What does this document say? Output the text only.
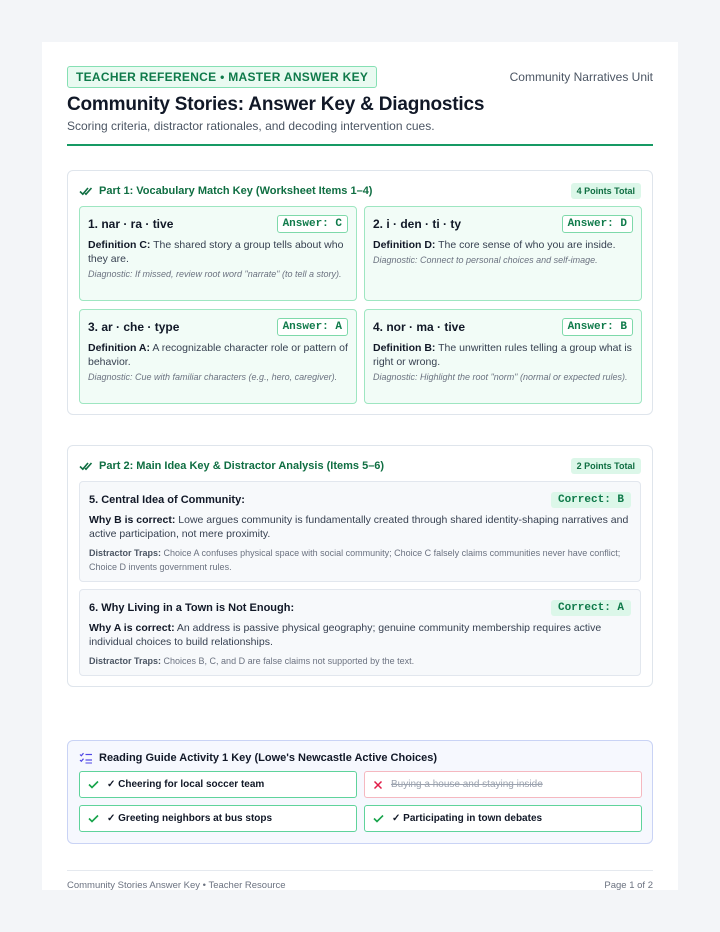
TEACHER REFERENCE • MASTER ANSWER KEY	Community Narratives Unit
Community Stories: Answer Key & Diagnostics
Scoring criteria, distractor rationales, and decoding intervention cues.
Part 1: Vocabulary Match Key (Worksheet Items 1–4)	4 Points Total
1. nar · ra · tive	Answer: C
Definition C: The shared story a group tells about who they are.
Diagnostic: If missed, review root word "narrate" (to tell a story).
2. i · den · ti · ty	Answer: D
Definition D: The core sense of who you are inside.
Diagnostic: Connect to personal choices and self-image.
3. ar · che · type	Answer: A
Definition A: A recognizable character role or pattern of behavior.
Diagnostic: Cue with familiar characters (e.g., hero, caregiver).
4. nor · ma · tive	Answer: B
Definition B: The unwritten rules telling a group what is right or wrong.
Diagnostic: Highlight the root "norm" (normal or expected rules).
Part 2: Main Idea Key & Distractor Analysis (Items 5–6)	2 Points Total
5. Central Idea of Community:	Correct: B
Why B is correct: Lowe argues community is fundamentally created through shared identity-shaping narratives and active participation, not mere proximity.
Distractor Traps: Choice A confuses physical space with social community; Choice C falsely claims communities never have conflict; Choice D invents government rules.
6. Why Living in a Town is Not Enough:	Correct: A
Why A is correct: An address is passive physical geography; genuine community membership requires active individual choices to build relationships.
Distractor Traps: Choices B, C, and D are false claims not supported by the text.
Reading Guide Activity 1 Key (Lowe's Newcastle Active Choices)
✓ Cheering for local soccer team	Buying a house and staying inside
✓ Greeting neighbors at bus stops	✓ Participating in town debates
Community Stories Answer Key • Teacher Resource	Page 1 of 2
